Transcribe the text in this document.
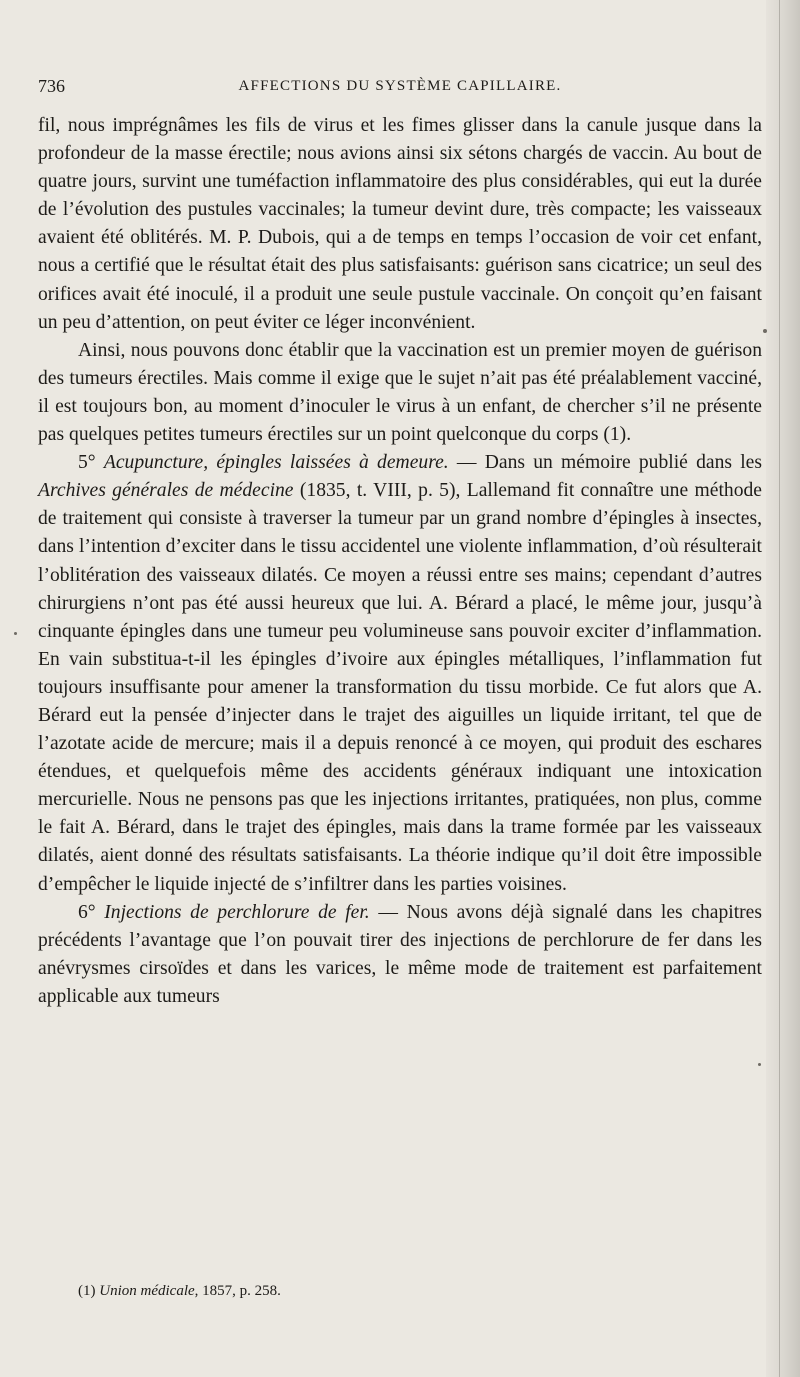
736	AFFECTIONS DU SYSTÈME CAPILLAIRE.

fil, nous imprégnâmes les fils de virus et les fimes glisser dans la canule jusque dans la profondeur de la masse érectile; nous avions ainsi six sétons chargés de vaccin. Au bout de quatre jours, survint une tuméfaction inflammatoire des plus considérables, qui eut la durée de l’évolution des pustules vaccinales; la tumeur devint dure, très compacte; les vaisseaux avaient été oblitérés. M. P. Dubois, qui a de temps en temps l’occasion de voir cet enfant, nous a certifié que le résultat était des plus satisfaisants: guérison sans cicatrice; un seul des orifices avait été inoculé, il a produit une seule pustule vaccinale. On conçoit qu’en faisant un peu d’attention, on peut éviter ce léger inconvénient.

Ainsi, nous pouvons donc établir que la vaccination est un premier moyen de guérison des tumeurs érectiles. Mais comme il exige que le sujet n’ait pas été préalablement vacciné, il est toujours bon, au moment d’inoculer le virus à un enfant, de chercher s’il ne présente pas quelques petites tumeurs érectiles sur un point quelconque du corps (1).

5° Acupuncture, épingles laissées à demeure. — Dans un mémoire publié dans les Archives générales de médecine (1835, t. VIII, p. 5), Lallemand fit connaître une méthode de traitement qui consiste à traverser la tumeur par un grand nombre d’épingles à insectes, dans l’intention d’exciter dans le tissu accidentel une violente inflammation, d’où résulterait l’oblitération des vaisseaux dilatés. Ce moyen a réussi entre ses mains; cependant d’autres chirurgiens n’ont pas été aussi heureux que lui. A. Bérard a placé, le même jour, jusqu’à cinquante épingles dans une tumeur peu volumineuse sans pouvoir exciter d’inflammation. En vain substitua-t-il les épingles d’ivoire aux épingles métalliques, l’inflammation fut toujours insuffisante pour amener la transformation du tissu morbide. Ce fut alors que A. Bérard eut la pensée d’injecter dans le trajet des aiguilles un liquide irritant, tel que de l’azotate acide de mercure; mais il a depuis renoncé à ce moyen, qui produit des eschares étendues, et quelquefois même des accidents généraux indiquant une intoxication mercurielle. Nous ne pensons pas que les injections irritantes, pratiquées, non plus, comme le fait A. Bérard, dans le trajet des épingles, mais dans la trame formée par les vaisseaux dilatés, aient donné des résultats satisfaisants. La théorie indique qu’il doit être impossible d’empêcher le liquide injecté de s’infiltrer dans les parties voisines.

6° Injections de perchlorure de fer. — Nous avons déjà signalé dans les chapitres précédents l’avantage que l’on pouvait tirer des injections de perchlorure de fer dans les anévrysmes cirsoïdes et dans les varices, le même mode de traitement est parfaitement applicable aux tumeurs

(1) Union médicale, 1857, p. 258.
